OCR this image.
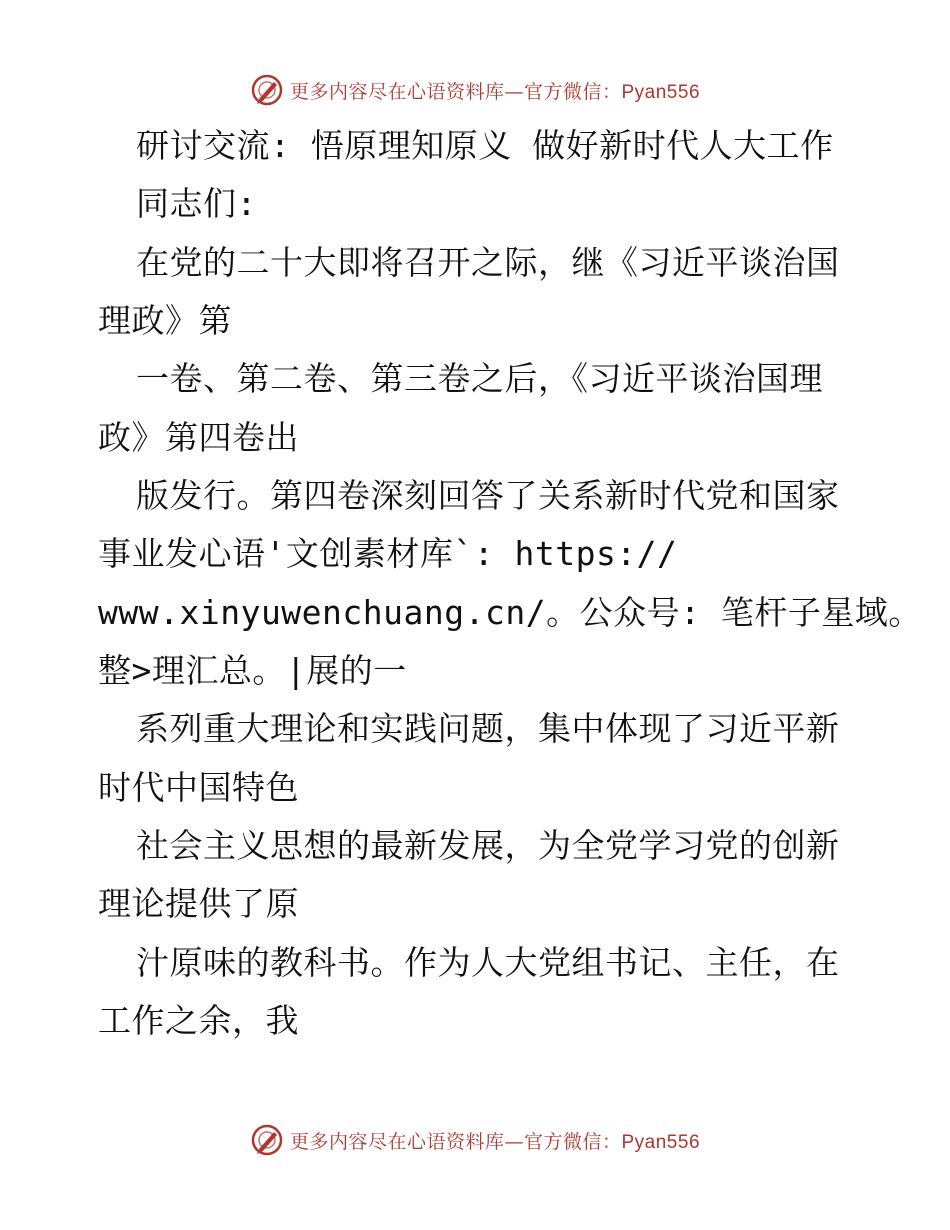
更多内容尽在心语资料库—官方微信：Pyan556
研讨交流: 悟原理知原义 做好新时代人大工作
同志们:
在党的二十大即将召开之际，继《习近平谈治国
理政》第
一卷、第二卷、第三卷之后，《习近平谈治国理
政》第四卷出
版发行。第四卷深刻回答了关系新时代党和国家
事业发心语'文创素材库`: https://
www.xinyuwenchuang.cn/。公众号: 笔杆子星域。
整>理汇总。|展的一
系列重大理论和实践问题，集中体现了习近平新
时代中国特色
社会主义思想的最新发展，为全党学习党的创新
理论提供了原
汁原味的教科书。作为人大党组书记、主任，在
工作之余，我
更多内容尽在心语资料库—官方微信：Pyan556
